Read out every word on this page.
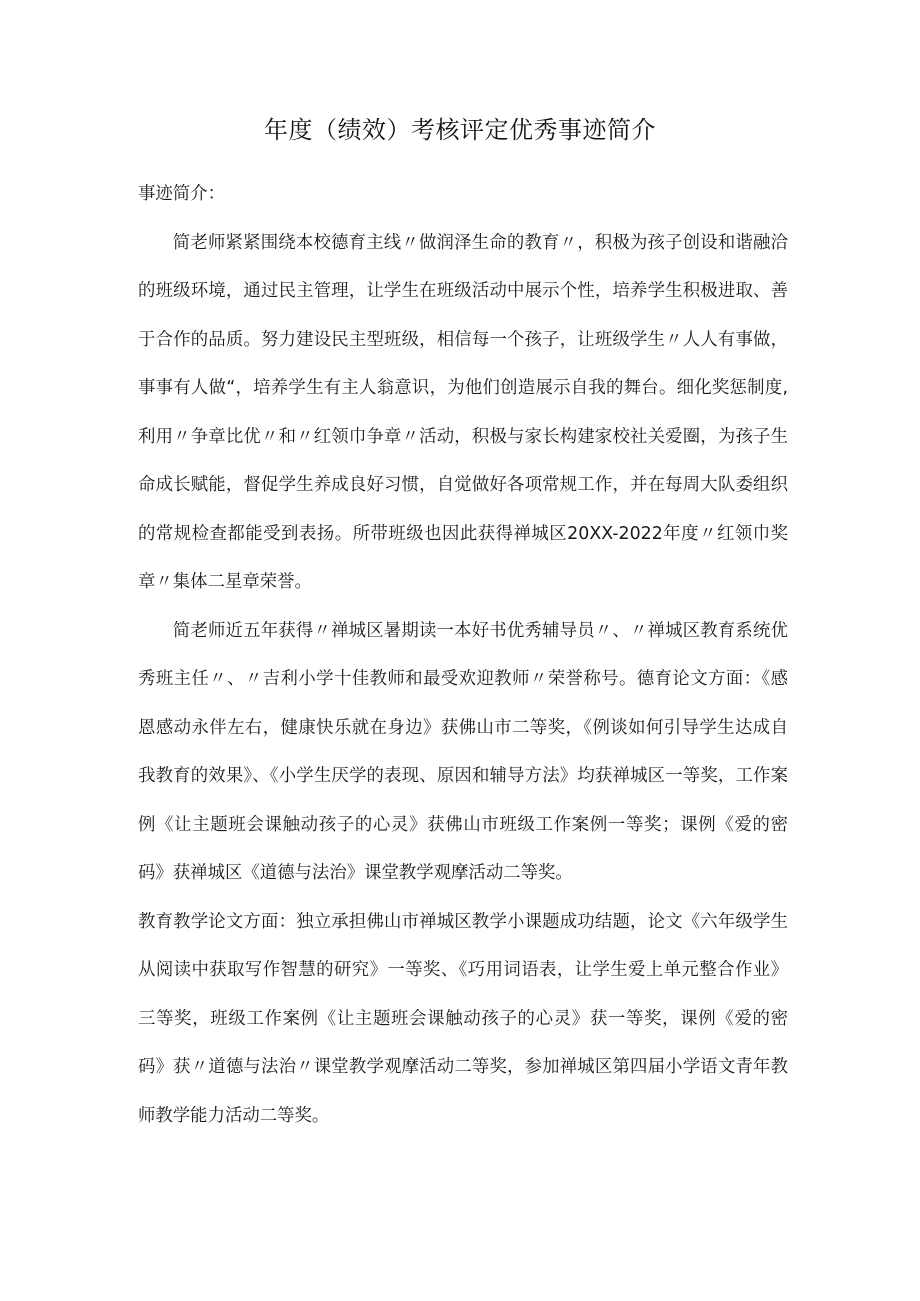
年度（绩效）考核评定优秀事迹简介

事迹简介：

简老师紧紧围绕本校德育主线〃做润泽生命的教育〃，积极为孩子创设和谐融洽的班级环境，通过民主管理，让学生在班级活动中展示个性，培养学生积极进取、善于合作的品质。努力建设民主型班级，相信每一个孩子，让班级学生〃人人有事做，事事有人做“，培养学生有主人翁意识，为他们创造展示自我的舞台。细化奖惩制度,利用〃争章比优〃和〃红领巾争章〃活动，积极与家长构建家校社关爱圈，为孩子生命成长赋能，督促学生养成良好习惯，自觉做好各项常规工作，并在每周大队委组织的常规检查都能受到表扬。所带班级也因此获得禅城区20XX-2022年度〃红领巾奖章〃集体二星章荣誉。

简老师近五年获得〃禅城区暑期读一本好书优秀辅导员〃、〃禅城区教育系统优秀班主任〃、〃吉利小学十佳教师和最受欢迎教师〃荣誉称号。德育论文方面：《感恩感动永伴左右，健康快乐就在身边》获佛山市二等奖，《例谈如何引导学生达成自我教育的效果》、《小学生厌学的表现、原因和辅导方法》均获禅城区一等奖，工作案例《让主题班会课触动孩子的心灵》获佛山市班级工作案例一等奖；课例《爱的密码》获禅城区《道德与法治》课堂教学观摩活动二等奖。

教育教学论文方面：独立承担佛山市禅城区教学小课题成功结题，论文《六年级学生从阅读中获取写作智慧的研究》一等奖、《巧用词语表，让学生爱上单元整合作业》三等奖，班级工作案例《让主题班会课触动孩子的心灵》获一等奖，课例《爱的密码》获〃道德与法治〃课堂教学观摩活动二等奖，参加禅城区第四届小学语文青年教师教学能力活动二等奖。
